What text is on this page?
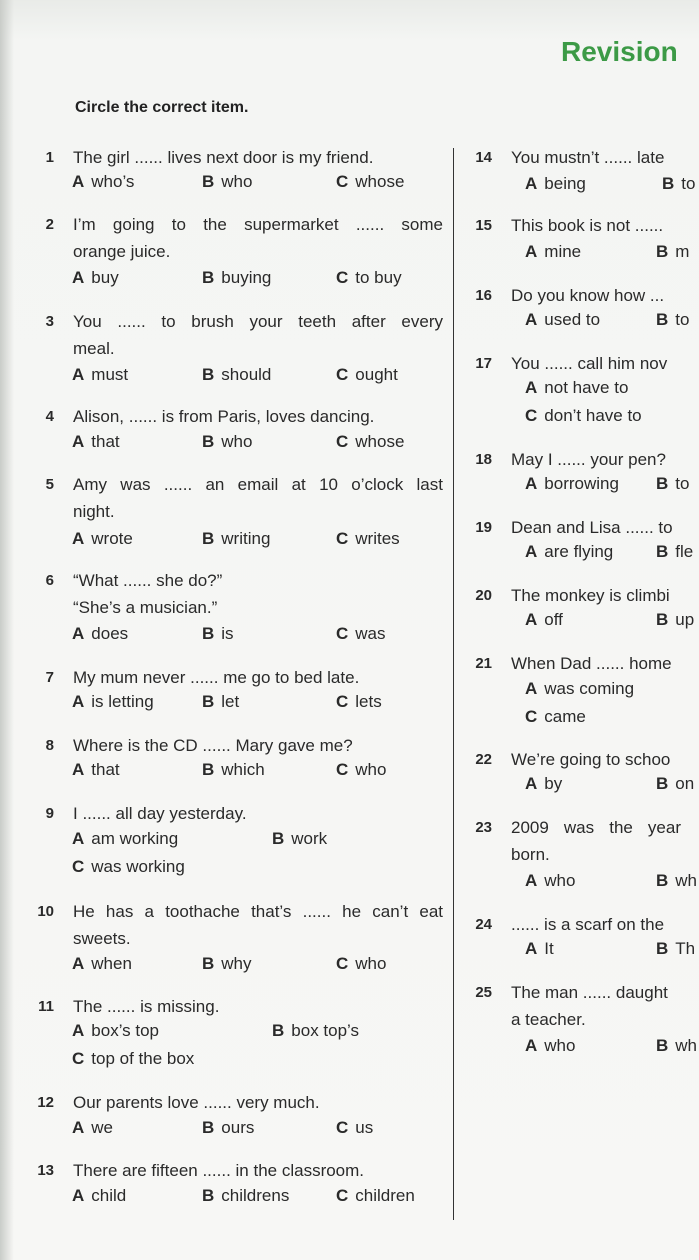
Revision
Circle the correct item.
1 The girl ...... lives next door is my friend.
A who’s	B who	C whose
2 I’m going to the supermarket ...... some
orange juice.
A buy	B buying	C to buy
3 You ...... to brush your teeth after every
meal.
A must	B should	C ought
4 Alison, ...... is from Paris, loves dancing.
A that	B who	C whose
5 Amy was ...... an email at 10 o’clock last
night.
A wrote	B writing	C writes
6 “What ...... she do?”
“She’s a musician.”
A does	B is	C was
7 My mum never ...... me go to bed late.
A is letting	B let	C lets
8 Where is the CD ...... Mary gave me?
A that	B which	C who
9 I ...... all day yesterday.
A am working	B work
C was working
10 He has a toothache that’s ...... he can’t eat
sweets.
A when	B why	C who
11 The ...... is missing.
A box’s top	B box top’s
C top of the box
12 Our parents love ...... very much.
A we	B ours	C us
13 There are fifteen ...... in the classroom.
A child	B childrens	C children
14 You mustn’t ...... late
A being	B to
15 This book is not ......
A mine	B m
16 Do you know how ...
A used to	B to
17 You ...... call him nov
A not have to
C don’t have to
18 May I ...... your pen?
A borrowing B to
19 Dean and Lisa ...... to
A are flying	B fle
20 The monkey is climbi
A off	B up
21 When Dad ...... home
A was coming
C came
22 We’re going to schoo
A by	B on
23 2009 was the year
born.
A who	B wh
24 ...... is a scarf on the
A It	B Th
25 The man ...... daught
a teacher.
A who	B wh
